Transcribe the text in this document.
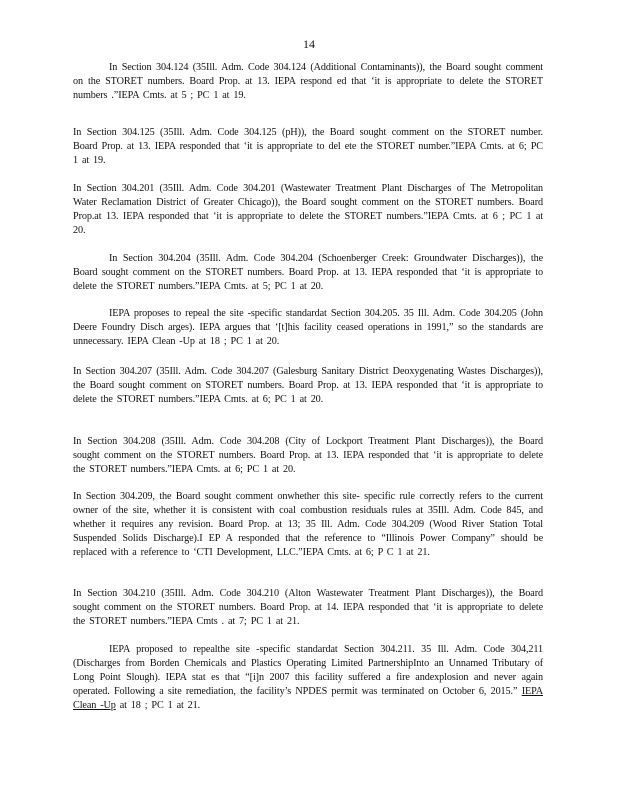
14

In Section 304.124 (35Ill. Adm. Code 304.124 (Additional Contaminants)), the Board sought comment on the STORET numbers. Board Prop. at 13. IEPA respond ed that ‘it is appropriate to delete the STORET numbers .”IEPA Cmts. at 5 ; PC 1 at 19.

In Section 304.125 (35Ill. Adm. Code 304.125 (pH)), the Board sought comment on the STORET number. Board Prop. at 13. IEPA responded that ‘it is appropriate to del ete the STORET number.”IEPA Cmts. at 6; PC 1 at 19.

In Section 304.201 (35Ill. Adm. Code 304.201 (Wastewater Treatment Plant Discharges of The Metropolitan Water Reclamation District of Greater Chicago)), the Board sought comment on the STORET numbers. Board Prop.at 13. IEPA responded that ‘it is appropriate to delete the STORET numbers.”IEPA Cmts. at 6 ; PC 1 at 20.

In Section 304.204 (35Ill. Adm. Code 304.204 (Schoenberger Creek: Groundwater Discharges)), the Board sought comment on the STORET numbers. Board Prop. at 13. IEPA responded that ‘it is appropriate to delete the STORET numbers.”IEPA Cmts. at 5; PC 1 at 20.

IEPA proposes to repeal the site -specific standardat Section 304.205. 35 Ill. Adm. Code 304.205 (John Deere Foundry Disch arges). IEPA argues that ‘[t]his facility ceased operations in 1991,” so the standards are unnecessary. IEPA Clean -Up at 18 ; PC 1 at 20.

In Section 304.207 (35Ill. Adm. Code 304.207 (Galesburg Sanitary District Deoxygenating Wastes Discharges)), the Board sought comment on STORET numbers. Board Prop. at 13. IEPA responded that ‘it is appropriate to delete the STORET numbers.”IEPA Cmts. at 6; PC 1 at 20.

In Section 304.208 (35Ill. Adm. Code 304.208 (City of Lockport Treatment Plant Discharges)), the Board sought comment on the STORET numbers. Board Prop. at 13. IEPA responded that ‘it is appropriate to delete the STORET numbers.”IEPA Cmts. at 6; PC 1 at 20.

In Section 304.209, the Board sought comment onwhether this site- specific rule correctly refers to the current owner of the site, whether it is consistent with coal combustion residuals rules at 35Ill. Adm. Code 845, and whether it requires any revision. Board Prop. at 13; 35 Ill. Adm. Code 304.209 (Wood River Station Total Suspended Solids Discharge).I EP A responded that the reference to “Illinois Power Company” should be replaced with a reference to ‘CTI Development, LLC.”IEPA Cmts. at 6; P C 1 at 21.

In Section 304.210 (35Ill. Adm. Code 304.210 (Alton Wastewater Treatment Plant Discharges)), the Board sought comment on the STORET numbers. Board Prop. at 14. IEPA responded that ‘it is appropriate to delete the STORET numbers.”IEPA Cmts . at 7; PC 1 at 21.

IEPA proposed to repealthe site -specific standardat Section 304.211. 35 Ill. Adm. Code 304,211 (Discharges from Borden Chemicals and Plastics Operating Limited PartnershipInto an Unnamed Tributary of Long Point Slough). IEPA stat es that “[i]n 2007 this facility suffered a fire andexplosion and never again operated. Following a site remediation, the facility’s NPDES permit was terminated on October 6, 2015.” IEPA Clean -Up at 18 ; PC 1 at 21.
